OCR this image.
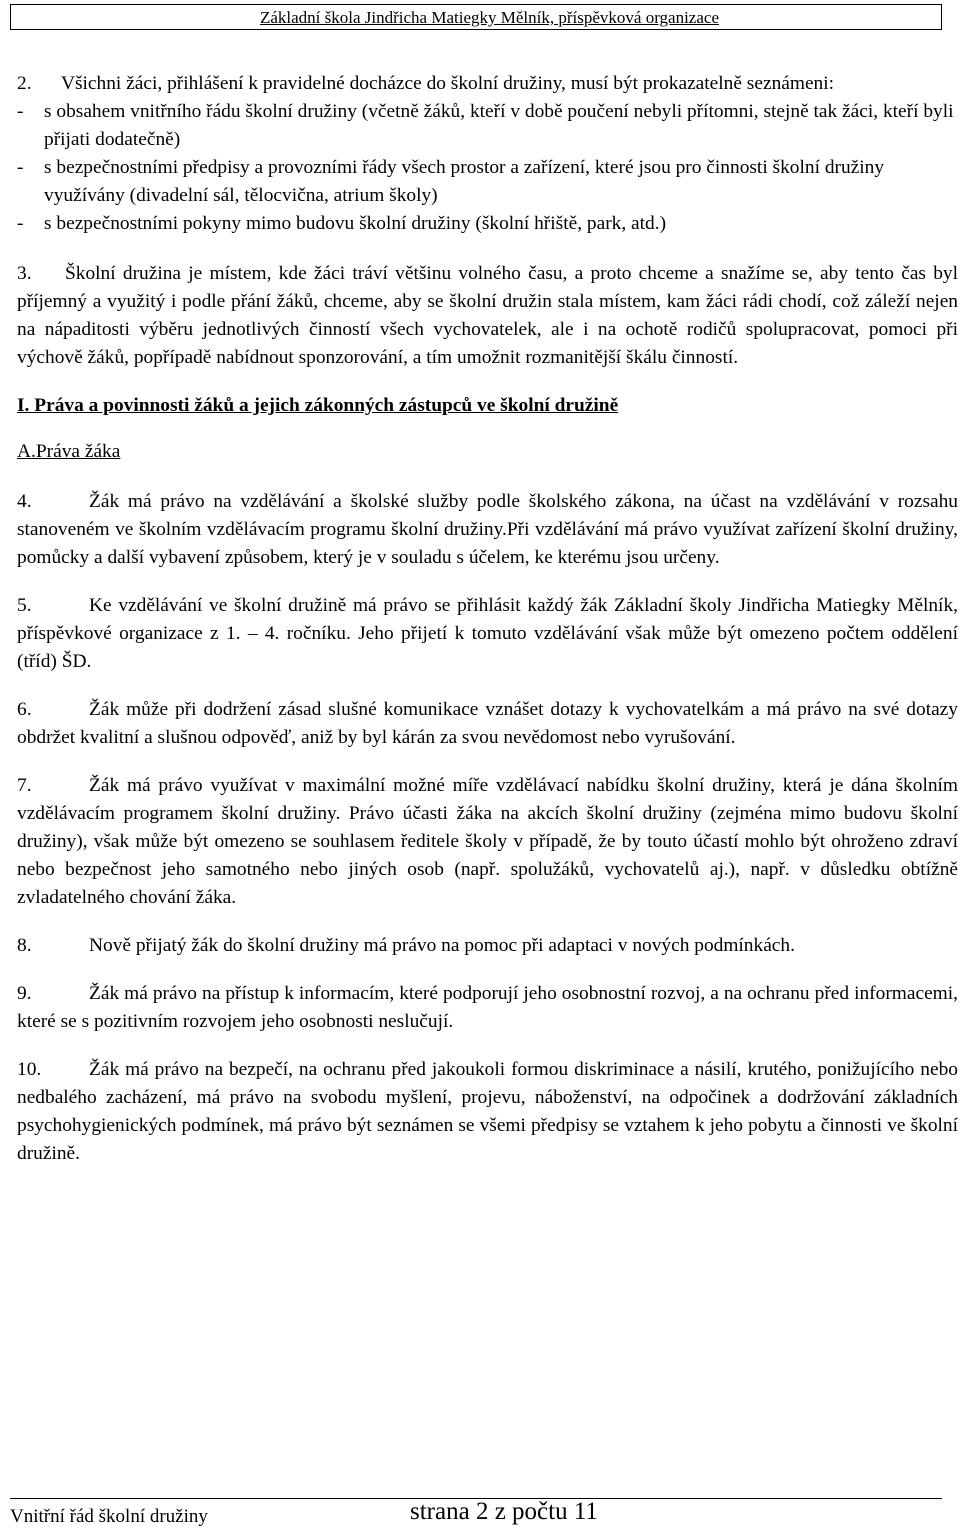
Základní škola Jindřicha Matiegky Mělník, příspěvková organizace
2.	Všichni žáci, přihlášení k pravidelné docházce do školní družiny, musí být prokazatelně seznámeni:
- s obsahem vnitřního řádu školní družiny (včetně žáků, kteří v době poučení nebyli přítomni, stejně tak žáci, kteří byli přijati dodatečně)
- s bezpečnostními předpisy a provozními řády všech prostor a zařízení, které jsou pro činnosti školní družiny využívány (divadelní sál, tělocvična, atrium školy)
- s bezpečnostními pokyny mimo budovu školní družiny (školní hřiště, park, atd.)
3.	Školní družina je místem, kde žáci tráví většinu volného času, a proto chceme a snažíme se, aby tento čas byl příjemný a využitý i podle přání žáků, chceme, aby se školní družin stala místem, kam žáci rádi chodí, což záleží nejen na nápaditosti výběru jednotlivých činností všech vychovatelek, ale i na ochotě rodičů spolupracovat, pomoci při výchově žáků, popřípadě nabídnout sponzorování, a tím umožnit rozmanitější škálu činností.

I. Práva a povinnosti žáků a jejich zákonných zástupců ve školní družině

A.Práva žáka

4.	Žák má právo na vzdělávání a školské služby podle školského zákona, na účast na vzdělávání v rozsahu stanoveném ve školním vzdělávacím programu školní družiny.Při vzdělávání má právo využívat zařízení školní družiny, pomůcky a další vybavení způsobem, který je v souladu s účelem, ke kterému jsou určeny.
5.	Ke vzdělávání ve školní družině má právo se přihlásit každý žák Základní školy Jindřicha Matiegky Mělník, příspěvkové organizace z 1. – 4. ročníku. Jeho přijetí k tomuto vzdělávání však může být omezeno počtem oddělení (tříd) ŠD.
6.	Žák může při dodržení zásad slušné komunikace vznášet dotazy k vychovatelkám a má právo na své dotazy obdržet kvalitní a slušnou odpověď, aniž by byl kárán za svou nevědomost nebo vyrušování.
7.	Žák má právo využívat v maximální možné míře vzdělávací nabídku školní družiny, která je dána školním vzdělávacím programem školní družiny. Právo účasti žáka na akcích školní družiny (zejména mimo budovu školní družiny), však může být omezeno se souhlasem ředitele školy v případě, že by touto účastí mohlo být ohroženo zdraví nebo bezpečnost jeho samotného nebo jiných osob (např. spolužáků, vychovatelů aj.), např. v důsledku obtížně zvladatelného chování žáka.
8.	Nově přijatý žák do školní družiny má právo na pomoc při adaptaci v nových podmínkách.
9.	Žák má právo na přístup k informacím, které podporují jeho osobnostní rozvoj, a na ochranu před informacemi, které se s pozitivním rozvojem jeho osobnosti neslučují.
10.	Žák má právo na bezpečí, na ochranu před jakoukoli formou diskriminace a násilí, krutého, ponižujícího nebo nedbalého zacházení, má právo na svobodu myšlení, projevu, náboženství, na odpočinek a dodržování základních psychohygienických podmínek, má právo být seznámen se všemi předpisy se vztahem k jeho pobytu a činnosti ve školní družině.
Vnitřní řád školní družiny	strana 2 z počtu 11
